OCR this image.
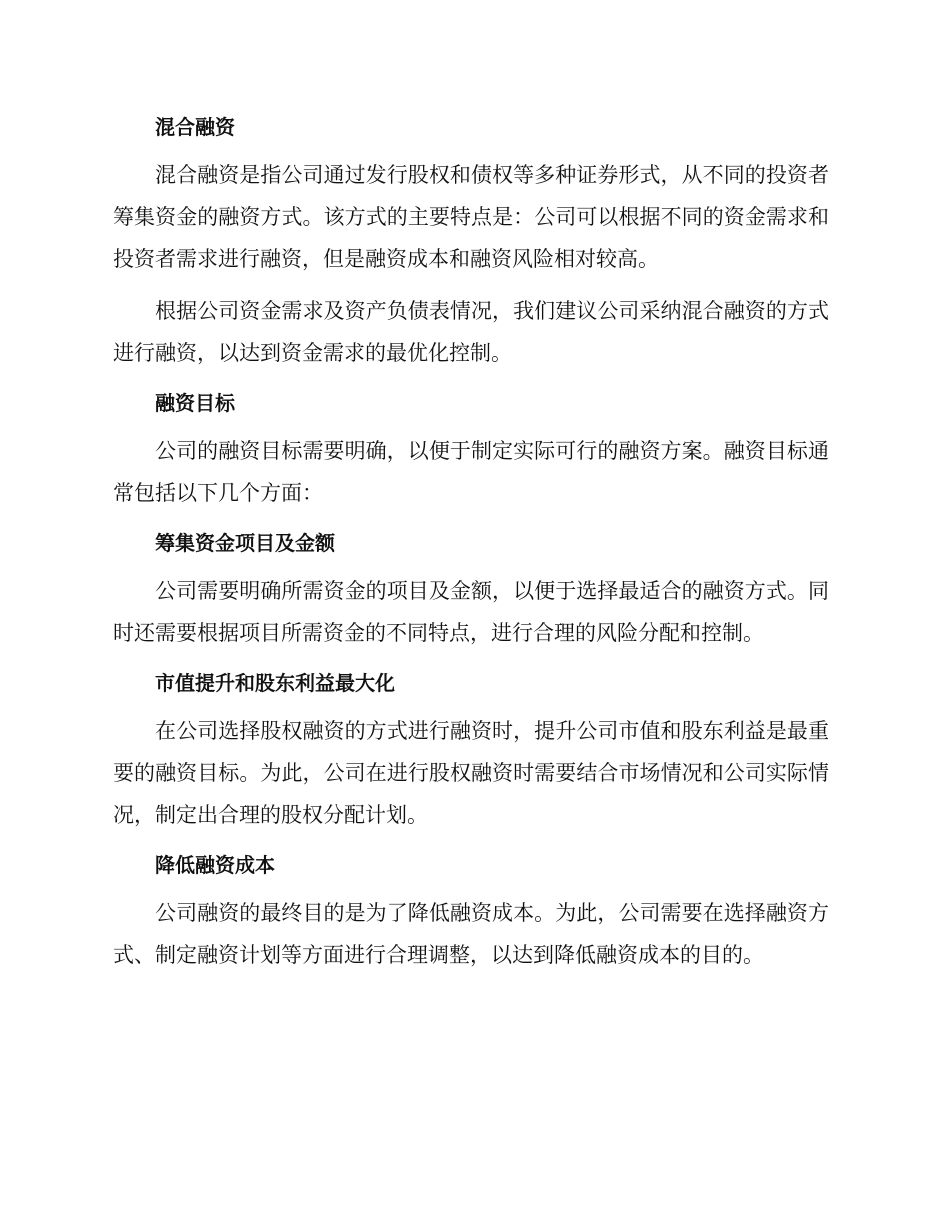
混合融资

混合融资是指公司通过发行股权和债权等多种证券形式，从不同的投资者筹集资金的融资方式。该方式的主要特点是：公司可以根据不同的资金需求和投资者需求进行融资，但是融资成本和融资风险相对较高。

根据公司资金需求及资产负债表情况，我们建议公司采纳混合融资的方式进行融资，以达到资金需求的最优化控制。

融资目标

公司的融资目标需要明确，以便于制定实际可行的融资方案。融资目标通常包括以下几个方面：

筹集资金项目及金额

公司需要明确所需资金的项目及金额，以便于选择最适合的融资方式。同时还需要根据项目所需资金的不同特点，进行合理的风险分配和控制。

市值提升和股东利益最大化

在公司选择股权融资的方式进行融资时，提升公司市值和股东利益是最重要的融资目标。为此，公司在进行股权融资时需要结合市场情况和公司实际情况，制定出合理的股权分配计划。

降低融资成本

公司融资的最终目的是为了降低融资成本。为此，公司需要在选择融资方式、制定融资计划等方面进行合理调整，以达到降低融资成本的目的。
